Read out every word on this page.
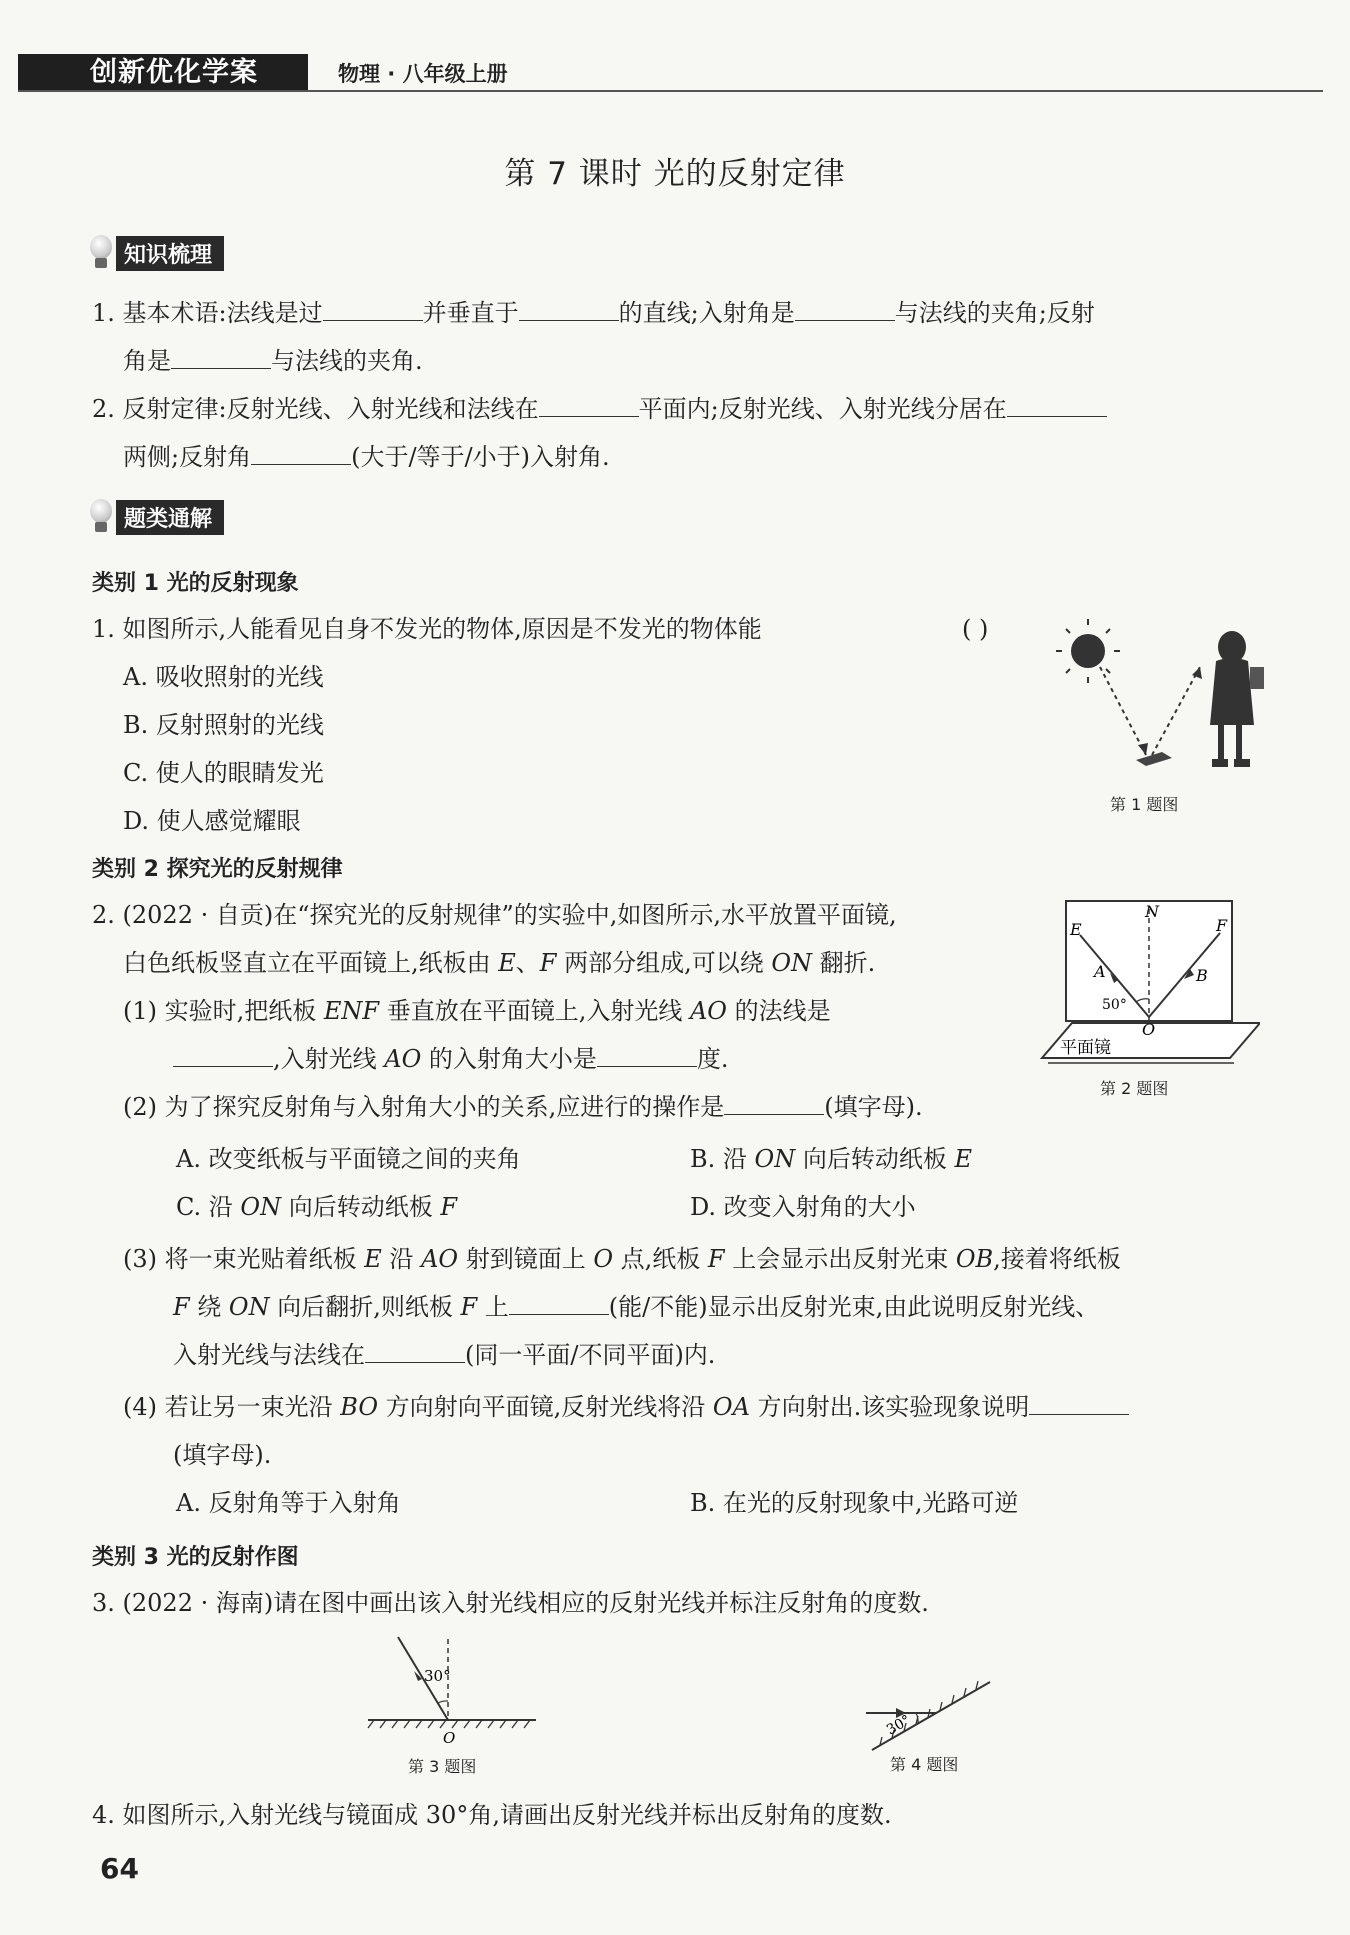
创新优化学案	物理 · 八年级上册
第 7 课时 光的反射定律
知识梳理
1. 基本术语:法线是过	并垂直于	的直线;入射角是	与法线的夹角;反射
角是	与法线的夹角.
2. 反射定律:反射光线、入射光线和法线在	平面内;反射光线、入射光线分居在
两侧;反射角	(大于/等于/小于)入射角.
题类通解
类别 1 光的反射现象
1. 如图所示,人能看见自身不发光的物体,原因是不发光的物体能	( )
A. 吸收照射的光线
B. 反射照射的光线
C. 使人的眼睛发光
D. 使人感觉耀眼
第 1 题图
类别 2 探究光的反射规律
2. (2022 · 自贡)在“探究光的反射规律”的实验中,如图所示,水平放置平面镜,
白色纸板竖直立在平面镜上,纸板由 E、F 两部分组成,可以绕 ON 翻折.
(1) 实验时,把纸板 ENF 垂直放在平面镜上,入射光线 AO 的法线是
,入射光线 AO 的入射角大小是	度.
(2) 为了探究反射角与入射角大小的关系,应进行的操作是	(填字母).
A. 改变纸板与平面镜之间的夹角	B. 沿 ON 向后转动纸板 E
C. 沿 ON 向后转动纸板 F	D. 改变入射角的大小
(3) 将一束光贴着纸板 E 沿 AO 射到镜面上 O 点,纸板 F 上会显示出反射光束 OB,接着将纸板
F 绕 ON 向后翻折,则纸板 F 上	(能/不能)显示出反射光束,由此说明反射光线、
入射光线与法线在	(同一平面/不同平面)内.
(4) 若让另一束光沿 BO 方向射向平面镜,反射光线将沿 OA 方向射出.该实验现象说明
(填字母).
A. 反射角等于入射角	B. 在光的反射现象中,光路可逆
N
E	F
A	B
O
50°
平面镜
第 2 题图
类别 3 光的反射作图
3. (2022 · 海南)请在图中画出该入射光线相应的反射光线并标注反射角的度数.
30°
O
第 3 题图
30°
第 4 题图
4. 如图所示,入射光线与镜面成 30°角,请画出反射光线并标出反射角的度数.
64
